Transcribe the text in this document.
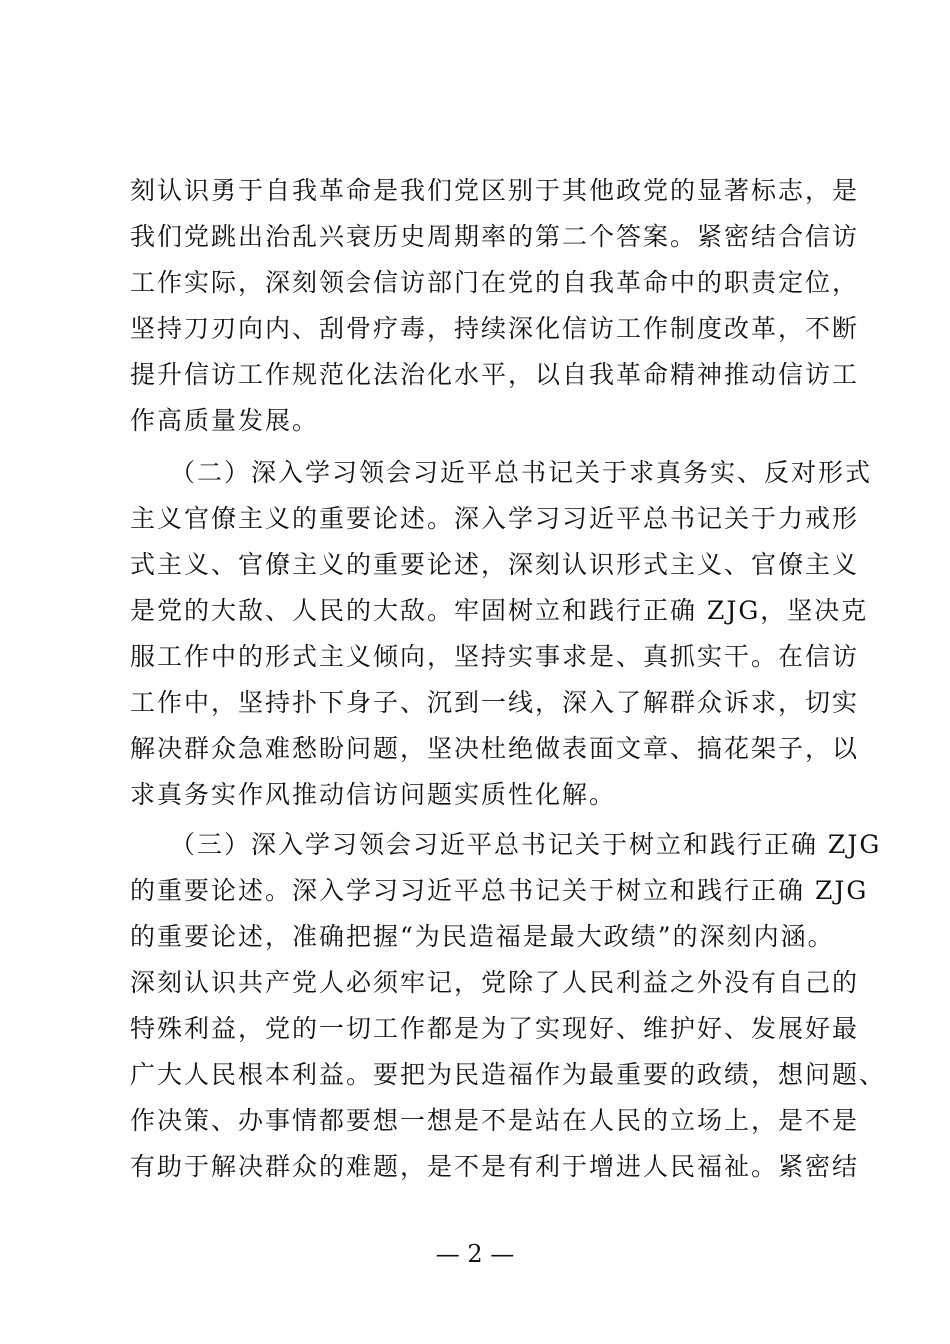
刻认识勇于自我革命是我们党区别于其他政党的显著标志，是
我们党跳出治乱兴衰历史周期率的第二个答案。紧密结合信访
工作实际，深刻领会信访部门在党的自我革命中的职责定位，
坚持刀刃向内、刮骨疗毒，持续深化信访工作制度改革，不断
提升信访工作规范化法治化水平，以自我革命精神推动信访工
作高质量发展。
（二）深入学习领会习近平总书记关于求真务实、反对形式
主义官僚主义的重要论述。深入学习习近平总书记关于力戒形
式主义、官僚主义的重要论述，深刻认识形式主义、官僚主义
是党的大敌、人民的大敌。牢固树立和践行正确 ZJG，坚决克
服工作中的形式主义倾向，坚持实事求是、真抓实干。在信访
工作中，坚持扑下身子、沉到一线，深入了解群众诉求，切实
解决群众急难愁盼问题，坚决杜绝做表面文章、搞花架子，以
求真务实作风推动信访问题实质性化解。
（三）深入学习领会习近平总书记关于树立和践行正确 ZJG
的重要论述。深入学习习近平总书记关于树立和践行正确 ZJG
的重要论述，准确把握“为民造福是最大政绩”的深刻内涵。
深刻认识共产党人必须牢记，党除了人民利益之外没有自己的
特殊利益，党的一切工作都是为了实现好、维护好、发展好最
广大人民根本利益。要把为民造福作为最重要的政绩，想问题、
作决策、办事情都要想一想是不是站在人民的立场上，是不是
有助于解决群众的难题，是不是有利于增进人民福祉。紧密结
— 2 —
